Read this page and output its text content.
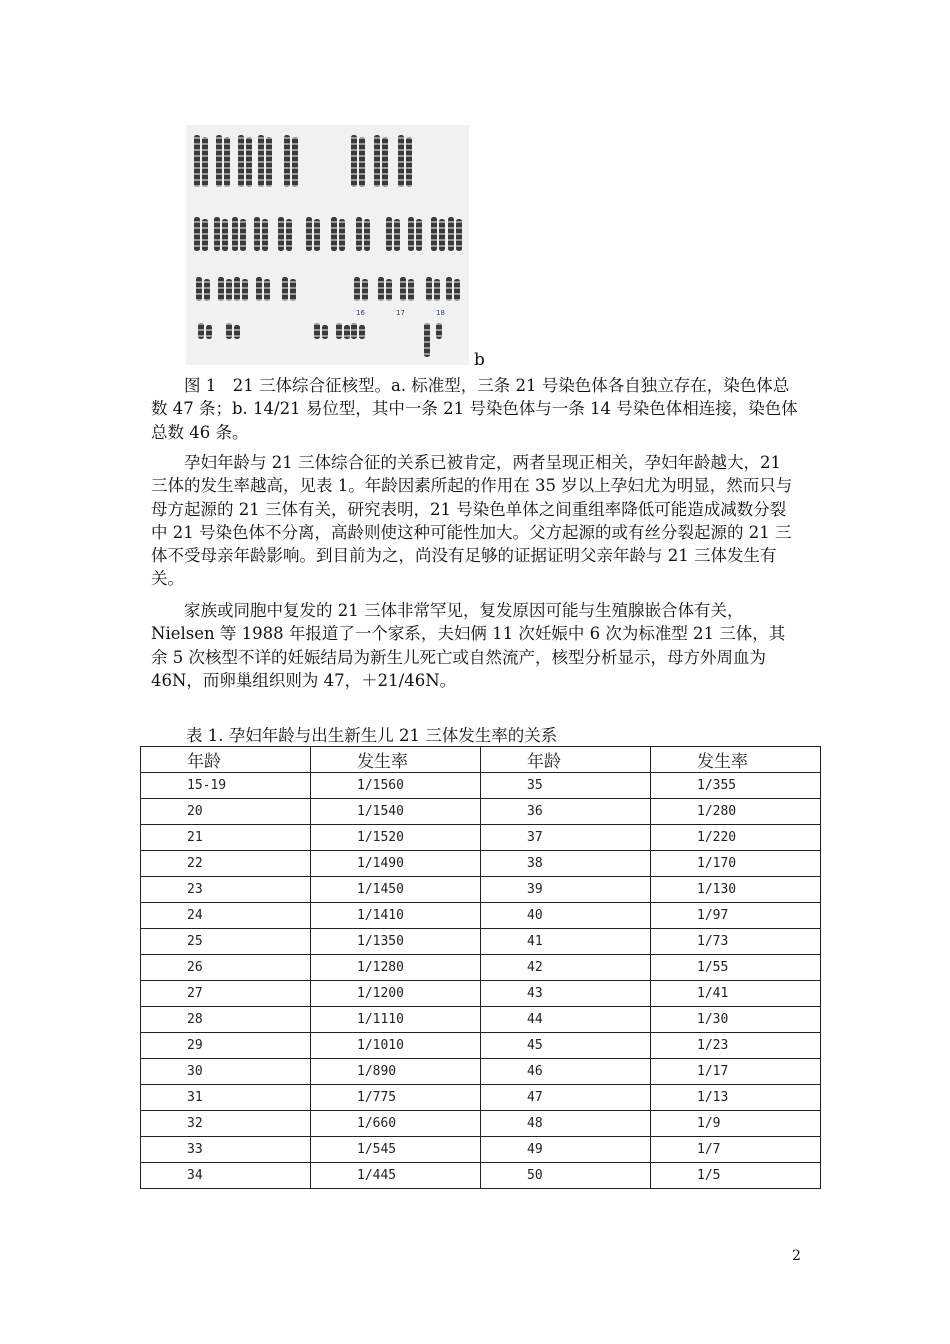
16	17	18
b

图 1　21 三体综合征核型。a. 标准型，三条 21 号染色体各自独立存在，染色体总数 47 条；b. 14/21 易位型，其中一条 21 号染色体与一条 14 号染色体相连接，染色体总数 46 条。

孕妇年龄与 21 三体综合征的关系已被肯定，两者呈现正相关，孕妇年龄越大，21 三体的发生率越高，见表 1。年龄因素所起的作用在 35 岁以上孕妇尤为明显，然而只与母方起源的 21 三体有关，研究表明，21 号染色单体之间重组率降低可能造成减数分裂中 21 号染色体不分离，高龄则使这种可能性加大。父方起源的或有丝分裂起源的 21 三体不受母亲年龄影响。到目前为之，尚没有足够的证据证明父亲年龄与 21 三体发生有关。

家族或同胞中复发的 21 三体非常罕见，复发原因可能与生殖腺嵌合体有关， Nielsen 等 1988 年报道了一个家系，夫妇俩 11 次妊娠中 6 次为标准型 21 三体，其余 5 次核型不详的妊娠结局为新生儿死亡或自然流产，核型分析显示，母方外周血为 46N，而卵巢组织则为 47，＋21/46N。

表 1. 孕妇年龄与出生新生儿 21 三体发生率的关系
年龄	发生率	年龄	发生率
15-19	1/1560	35	1/355
20	1/1540	36	1/280
21	1/1520	37	1/220
22	1/1490	38	1/170
23	1/1450	39	1/130
24	1/1410	40	1/97
25	1/1350	41	1/73
26	1/1280	42	1/55
27	1/1200	43	1/41
28	1/1110	44	1/30
29	1/1010	45	1/23
30	1/890	46	1/17
31	1/775	47	1/13
32	1/660	48	1/9
33	1/545	49	1/7
34	1/445	50	1/5
2
